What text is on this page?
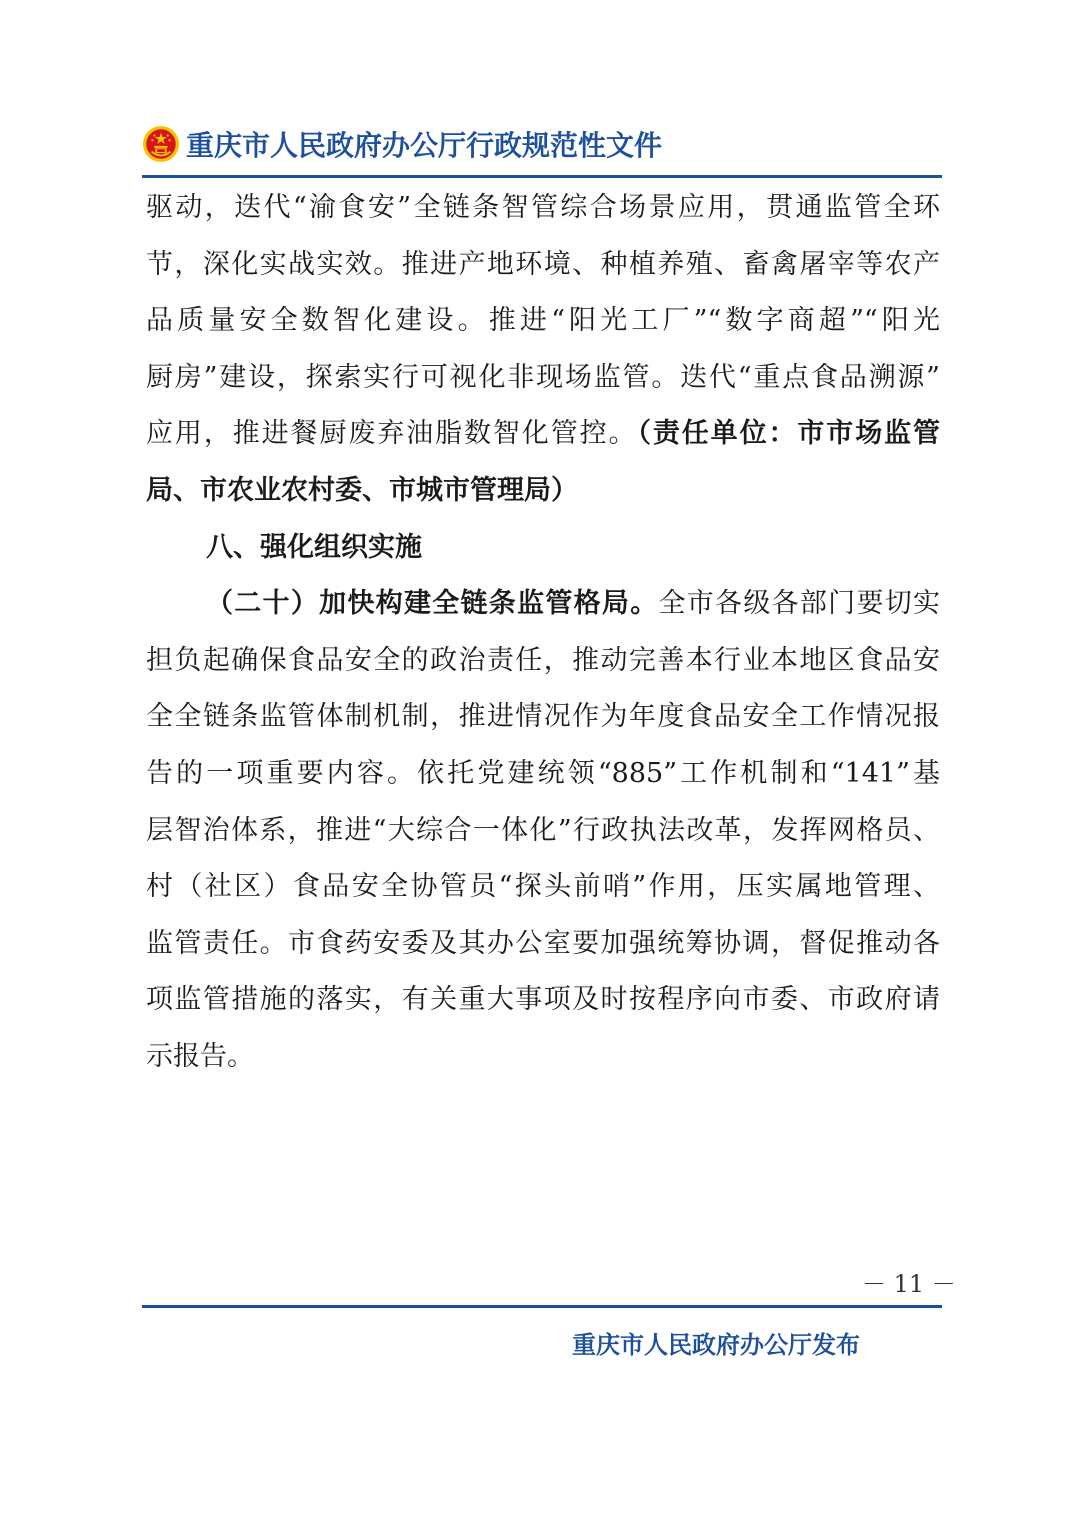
重庆市人民政府办公厅行政规范性文件
驱动，迭代“渝食安”全链条智管综合场景应用，贯通监管全环
节，深化实战实效。推进产地环境、种植养殖、畜禽屠宰等农产
品质量安全数智化建设。推进“阳光工厂”“数字商超”“阳光
厨房”建设，探索实行可视化非现场监管。迭代“重点食品溯源”
应用，推进餐厨废弃油脂数智化管控。（责任单位：市市场监管
局、市农业农村委、市城市管理局）
八、强化组织实施
（二十）加快构建全链条监管格局。全市各级各部门要切实
担负起确保食品安全的政治责任，推动完善本行业本地区食品安
全全链条监管体制机制，推进情况作为年度食品安全工作情况报
告的一项重要内容。依托党建统领“885”工作机制和“141”基
层智治体系，推进“大综合一体化”行政执法改革，发挥网格员、
村（社区）食品安全协管员“探头前哨”作用，压实属地管理、
监管责任。市食药安委及其办公室要加强统筹协调，督促推动各
项监管措施的落实，有关重大事项及时按程序向市委、市政府请
示报告。
－ 11 －
重庆市人民政府办公厅发布
